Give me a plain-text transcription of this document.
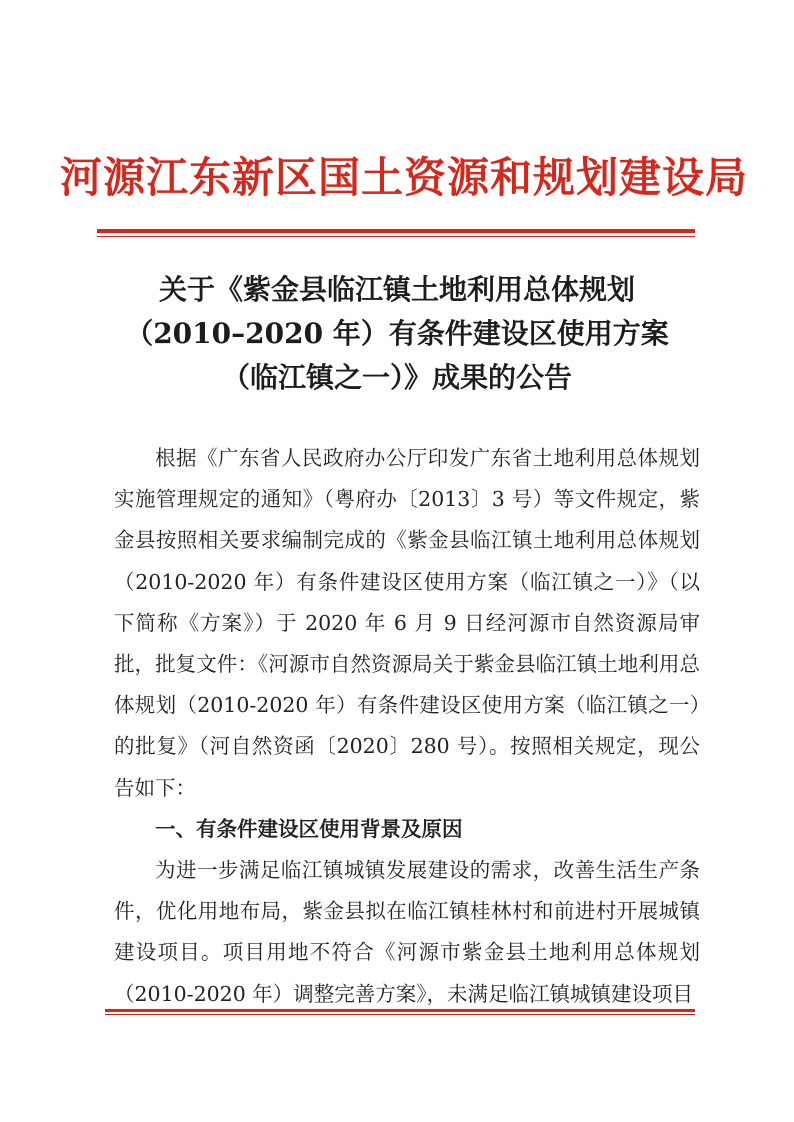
河源江东新区国土资源和规划建设局
关于《紫金县临江镇土地利用总体规划
（2010–2020 年）有条件建设区使用方案
（临江镇之一）》成果的公告

根据《广东省人民政府办公厅印发广东省土地利用总体规划实施管理规定的通知》（粤府办〔2013〕3 号）等文件规定，紫金县按照相关要求编制完成的《紫金县临江镇土地利用总体规划（2010-2020 年）有条件建设区使用方案（临江镇之一）》（以下简称《方案》）于 2020 年 6 月 9 日经河源市自然资源局审批，批复文件：《河源市自然资源局关于紫金县临江镇土地利用总体规划（2010-2020 年）有条件建设区使用方案（临江镇之一）的批复》（河自然资函〔2020〕280 号）。按照相关规定，现公告如下：

一、有条件建设区使用背景及原因

为进一步满足临江镇城镇发展建设的需求，改善生活生产条件，优化用地布局，紫金县拟在临江镇桂林村和前进村开展城镇建设项目。项目用地不符合《河源市紫金县土地利用总体规划（2010-2020 年）调整完善方案》，未满足临江镇城镇建设项目
